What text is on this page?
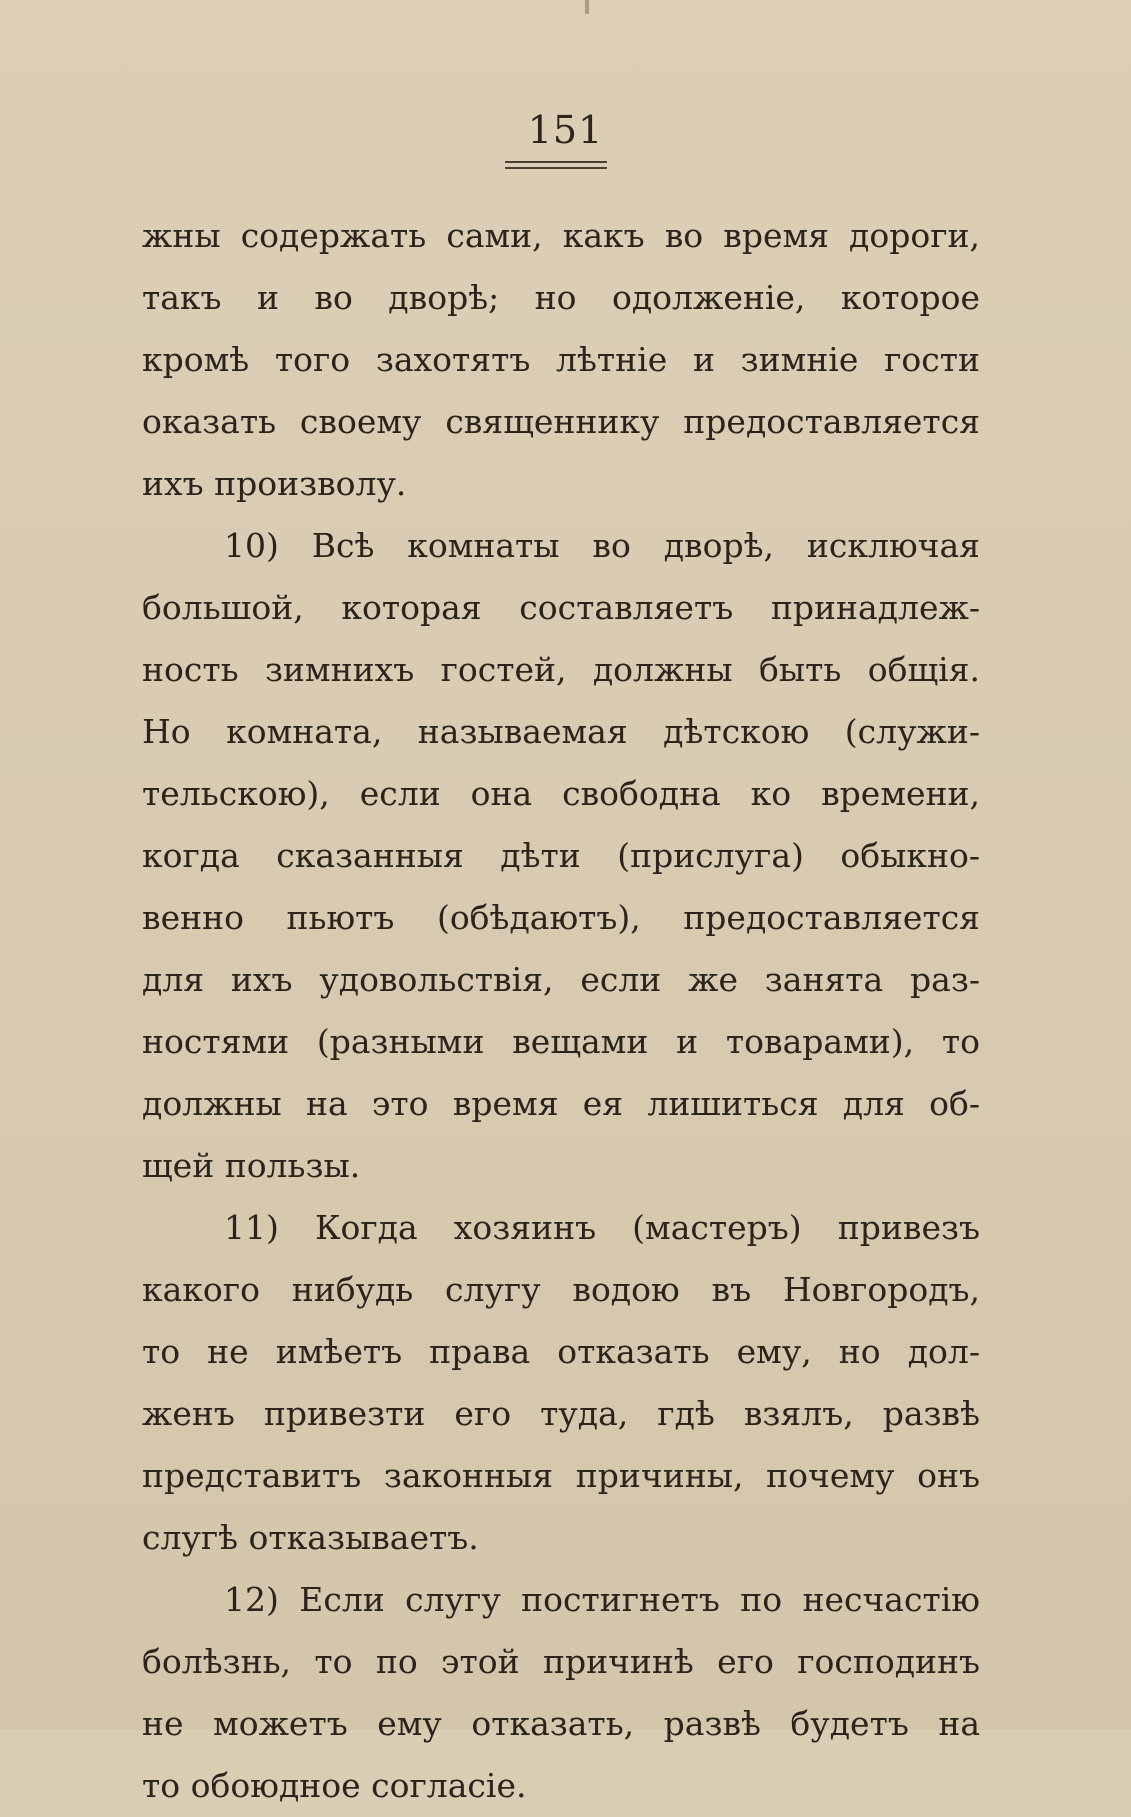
151
жны содержать сами, какъ во время дороги,
такъ и во дворѣ; но одолженіе, которое
кромѣ того захотятъ лѣтніе и зимніе гости
оказать своему священнику предоставляется
ихъ произволу.
10) Всѣ комнаты во дворѣ, исключая
большой, которая составляетъ принадлеж-
ность зимнихъ гостей, должны быть общія.
Но комната, называемая дѣтскою (служи-
тельскою), если она свободна ко времени,
когда сказанныя дѣти (прислуга) обыкно-
венно пьютъ (обѣдаютъ), предоставляется
для ихъ удовольствія, если же занята раз-
ностями (разными вещами и товарами), то
должны на это время ея лишиться для об-
щей пользы.
11) Когда хозяинъ (мастеръ) привезъ
какого нибудь слугу водою въ Новгородъ,
то не имѣетъ права отказать ему, но дол-
женъ привезти его туда, гдѣ взялъ, развѣ
представитъ законныя причины, почему онъ
слугѣ отказываетъ.
12) Если слугу постигнетъ по несчастію
болѣзнь, то по этой причинѣ его господинъ
не можетъ ему отказать, развѣ будетъ на
то обоюдное согласіе.
